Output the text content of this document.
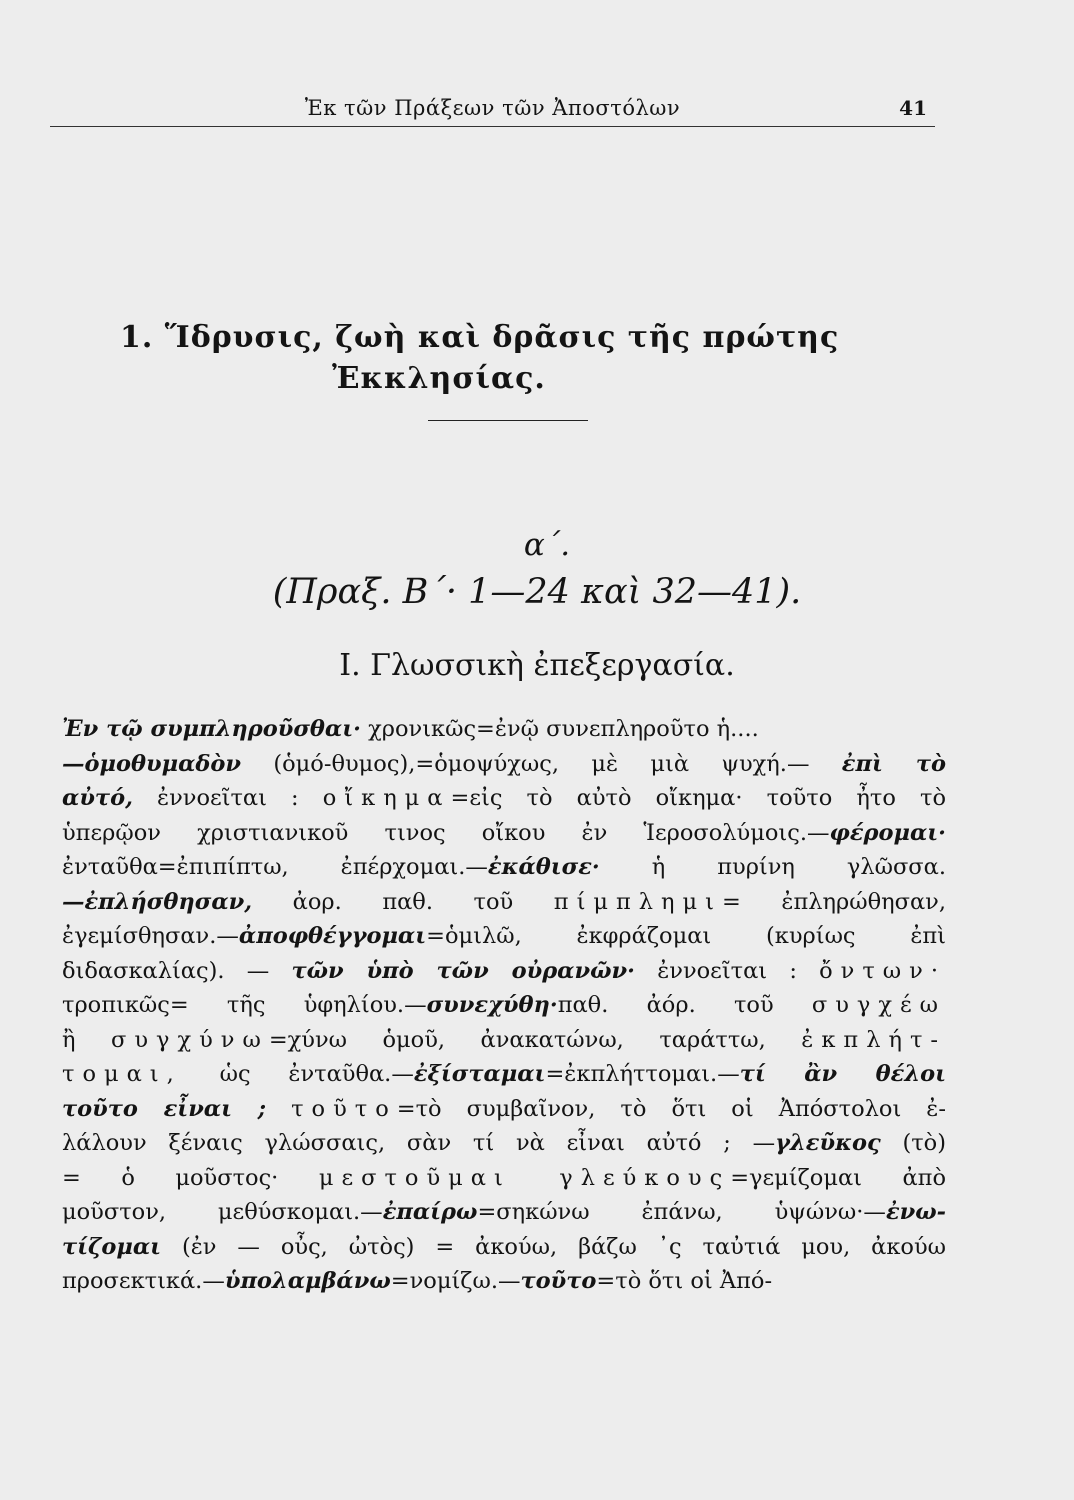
Ἐκ τῶν Πράξεων τῶν Ἀποστόλων	41
1. Ἵδρυσις, ζωὴ καὶ δρᾶσις τῆς πρώτης
Ἐκκλησίας.
α΄.
(Πραξ. Β΄· 1—24 καὶ 32—41).
Ι. Γλωσσικὴ ἐπεξεργασία.
Ἐν τῷ συμπληροῦσθαι· χρονικῶς=ἐνῷ συνεπληροῦτο ἡ....
—ὁμοθυμαδὸν (ὁμό-θυμος),=ὁμοψύχως, μὲ μιὰ ψυχή.— ἐπὶ τὸ
αὐτό, ἐννοεῖται : οἴκημα=εἰς τὸ αὐτὸ οἴκημα· τοῦτο ἦτο τὸ
ὑπερῷον χριστιανικοῦ τινος οἴκου ἐν Ἱεροσολύμοις.—φέρομαι·
ἐνταῦθα=ἐπιπίπτω, ἐπέρχομαι.—ἐκάθισε· ἡ πυρίνη γλῶσσα.
—ἐπλήσθησαν, ἀορ. παθ. τοῦ πίμπλημι= ἐπληρώθησαν,
ἐγεμίσθησαν.—ἀποφθέγγομαι=ὁμιλῶ, ἐκφράζομαι (κυρίως ἐπὶ
διδασκαλίας). — τῶν ὑπὸ τῶν οὐρανῶν· ἐννοεῖται : ὄντων·
τροπικῶς= τῆς ὑφηλίου.—συνεχύθη·παθ. ἀόρ. τοῦ συγχέω
ἢ συγχύνω=χύνω ὁμοῦ, ἀνακατώνω, ταράττω, ἐκπλήτ-
τομαι, ὡς ἐνταῦθα.—ἐξίσταμαι=ἐκπλήττομαι.—τί ἂν θέλοι
τοῦτο εἶναι ; τοῦτο=τὸ συμβαῖνον, τὸ ὅτι οἱ Ἀπόστολοι ἐ-
λάλουν ξέναις γλώσσαις, σὰν τί νὰ εἶναι αὐτό ; —γλεῦκος (τὸ)
= ὁ μοῦστος· μεστοῦμαι γλεύκους=γεμίζομαι ἀπὸ
μοῦστον, μεθύσκομαι.—ἐπαίρω=σηκώνω ἐπάνω, ὑψώνω·—ἐνω-
τίζομαι (ἐν — οὖς, ὠτὸς) = ἀκούω, βάζω ᾽ς ταὐτιά μου, ἀκούω
προσεκτικά.—ὑπολαμβάνω=νομίζω.—τοῦτο=τὸ ὅτι οἱ Ἀπό-
